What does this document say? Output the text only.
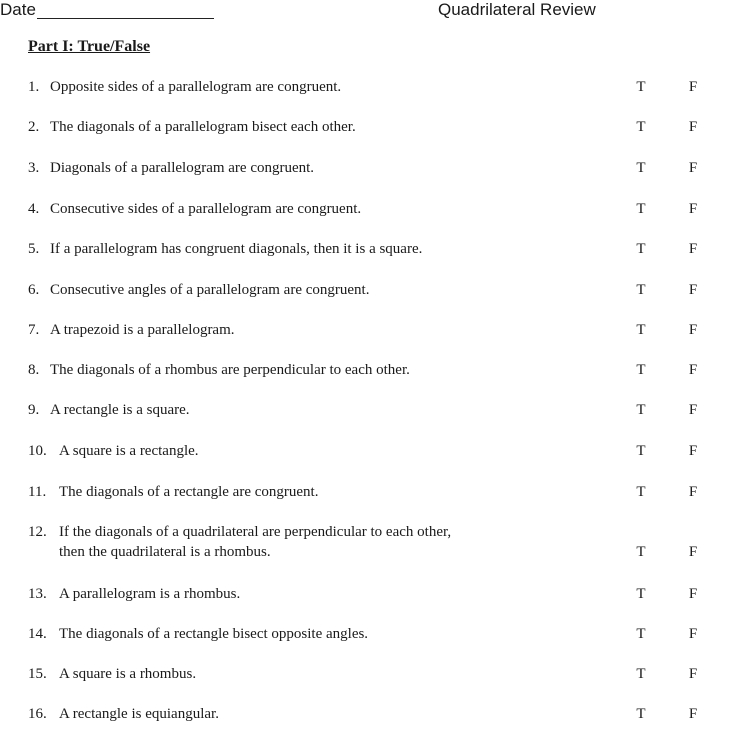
Date	Quadrilateral Review
Part I: True/False
1. Opposite sides of a parallelogram are congruent.	T	F
2. The diagonals of a parallelogram bisect each other.	T	F
3. Diagonals of a parallelogram are congruent.	T	F
4. Consecutive sides of a parallelogram are congruent.	T	F
5. If a parallelogram has congruent diagonals, then it is a square.	T	F
6. Consecutive angles of a parallelogram are congruent.	T	F
7. A trapezoid is a parallelogram.	T	F
8. The diagonals of a rhombus are perpendicular to each other.	T	F
9. A rectangle is a square.	T	F
10. A square is a rectangle.	T	F
11. The diagonals of a rectangle are congruent.	T	F
12. If the diagonals of a quadrilateral are perpendicular to each other,
then the quadrilateral is a rhombus.	T	F
13. A parallelogram is a rhombus.	T	F
14. The diagonals of a rectangle bisect opposite angles.	T	F
15. A square is a rhombus.	T	F
16. A rectangle is equiangular.	T	F
